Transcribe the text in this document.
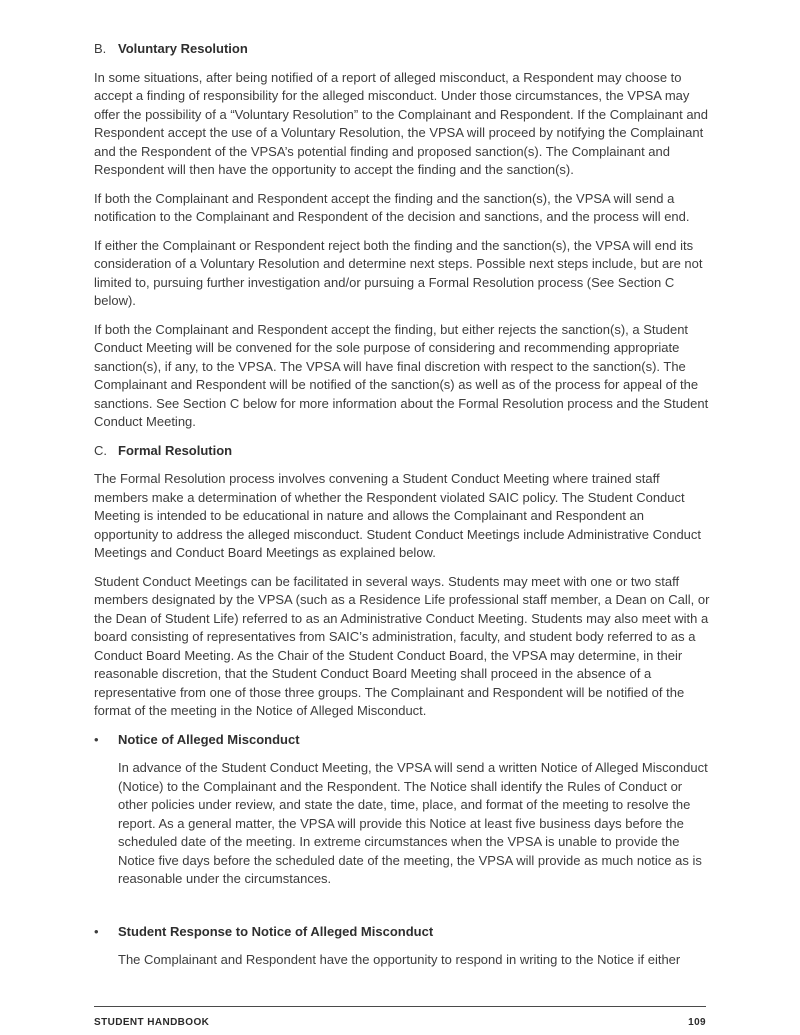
B. Voluntary Resolution

In some situations, after being notified of a report of alleged misconduct, a Respondent may choose to accept a finding of responsibility for the alleged misconduct. Under those circumstances, the VPSA may offer the possibility of a “Voluntary Resolution” to the Complainant and Respondent. If the Complainant and Respondent accept the use of a Voluntary Resolution, the VPSA will proceed by notifying the Complainant and the Respondent of the VPSA’s potential finding and proposed sanction(s). The Complainant and Respondent will then have the opportunity to accept the finding and the sanction(s).

If both the Complainant and Respondent accept the finding and the sanction(s), the VPSA will send a notification to the Complainant and Respondent of the decision and sanctions, and the process will end.

If either the Complainant or Respondent reject both the finding and the sanction(s), the VPSA will end its consideration of a Voluntary Resolution and determine next steps. Possible next steps include, but are not limited to, pursuing further investigation and/or pursuing a Formal Resolution process (See Section C below).

If both the Complainant and Respondent accept the finding, but either rejects the sanction(s), a Student Conduct Meeting will be convened for the sole purpose of considering and recommending appropriate sanction(s), if any, to the VPSA. The VPSA will have final discretion with respect to the sanction(s). The Complainant and Respondent will be notified of the sanction(s) as well as of the process for appeal of the sanctions. See Section C below for more information about the Formal Resolution process and the Student Conduct Meeting.

C. Formal Resolution

The Formal Resolution process involves convening a Student Conduct Meeting where trained staff members make a determination of whether the Respondent violated SAIC policy. The Student Conduct Meeting is intended to be educational in nature and allows the Complainant and Respondent an opportunity to address the alleged misconduct. Student Conduct Meetings include Administrative Conduct Meetings and Conduct Board Meetings as explained below.

Student Conduct Meetings can be facilitated in several ways. Students may meet with one or two staff members designated by the VPSA (such as a Residence Life professional staff member, a Dean on Call, or the Dean of Student Life) referred to as an Administrative Conduct Meeting. Students may also meet with a board consisting of representatives from SAIC’s administration, faculty, and student body referred to as a Conduct Board Meeting. As the Chair of the Student Conduct Board, the VPSA may determine, in their reasonable discretion, that the Student Conduct Board Meeting shall proceed in the absence of a representative from one of those three groups. The Complainant and Respondent will be notified of the format of the meeting in the Notice of Alleged Misconduct.

•	Notice of Alleged Misconduct

In advance of the Student Conduct Meeting, the VPSA will send a written Notice of Alleged Misconduct (Notice) to the Complainant and the Respondent. The Notice shall identify the Rules of Conduct or other policies under review, and state the date, time, place, and format of the meeting to resolve the report. As a general matter, the VPSA will provide this Notice at least five business days before the scheduled date of the meeting. In extreme circumstances when the VPSA is unable to provide the Notice five days before the scheduled date of the meeting, the VPSA will provide as much notice as is reasonable under the circumstances.

•	Student Response to Notice of Alleged Misconduct

The Complainant and Respondent have the opportunity to respond in writing to the Notice if either

STUDENT HANDBOOK	109
